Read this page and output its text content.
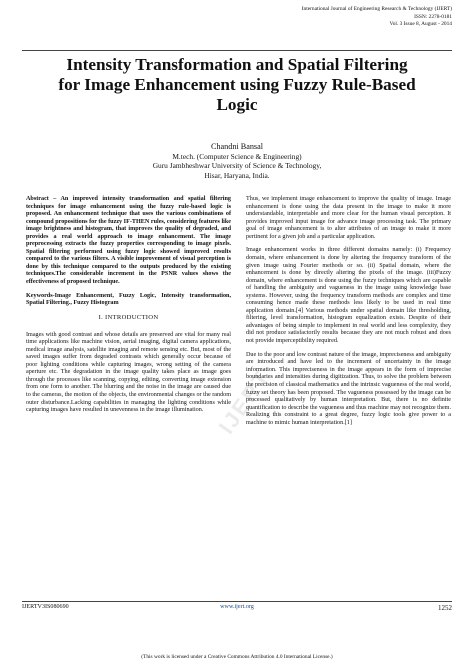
International Journal of Engineering Research & Technology (IJERT)
ISSN: 2278-0181
Vol. 3 Issue 8, August - 2014
Intensity Transformation and Spatial Filtering
for Image Enhancement using Fuzzy Rule-Based
Logic
Chandni Bansal
M.tech. (Computer Science & Engineering)
Guru Jambheshwar University of Science & Technology,
Hisar, Haryana, India.

Abstract – An improved intensity transformation and spatial filtering techniques for image enhancement using the fuzzy rule-based logic is proposed. An enhancement technique that uses the various combinations of compound propositions for the fuzzy IF-THEN rules, considering features like image brightness and histogram, that improves the quality of degraded, and provides a real world approach to image enhancement. The image preprocessing extracts the fuzzy properties corresponding to image pixels. Spatial filtering performed using fuzzy logic showed improved results compared to the various filters. A visible improvement of visual perception is done by this technique compared to the outputs produced by the existing techniques.The considerable increment in the PSNR values shows the effectiveness of proposed technique.

Keywords-Image Enhancement, Fuzzy Logic, Intensity transformation, Spatial Filtering., Fuzzy Histogram

I. INTRODUCTION

Images with good contrast and whose details are preserved are vital for many real time applications like machine vision, aerial imaging, digital camera applications, medical image analysis, satellite imaging and remote sensing etc. But, most of the saved images suffer from degraded contrasts which generally occur because of poor lighting conditions while capturing images, wrong setting of the camera aperture etc. The degradation in the image quality takes place as image goes through the processes like scanning, copying, editing, converting image extension from one form to another. The blurring and the noise in the image are caused due to the cameras, the motion of the objects, the environmental changes or the random outer disturbance.Lacking capabilities in managing the lighting conditions while capturing images have resulted in unevenness in the image illumination.

Thus, we implement image enhancement to improve the quality of image. Image enhancement is done using the data present in the image to make it more understandable, interpretable and more clear for the human visual perception. It provides improved input image for advance image processing task. The primary goal of image enhancement is to alter attributes of an image to make it more pertinent for a given job and a particular application.

Image enhancement works in three different domains namely: (i) Frequency domain, where enhancement is done by altering the frequency transform of the given image using Fourier methods or so. (ii) Spatial domain, where the enhancement is done by directly altering the pixels of the image. (iii)Fuzzy domain, where enhancement is done using the fuzzy techniques which are capable of handling the ambiguity and vagueness in the image using knowledge base systems. However, using the frequency transform methods are complex and time consuming hence made these methods less likely to be used in real time application domain.[4] Various methods under spatial domain like thresholding, filtering, level transformation, histogram equalization exists. Despite of their advantages of being simple to implement in real world and less complexity, they did not produce satisfactorily results because they are not much robust and does not provide imperceptibility required.

Due to the poor and low contrast nature of the image, impreciseness and ambiguity are introduced and have led to the increment of uncertainty in the image information. This impreciseness in the image appears in the form of imprecise boundaries and intensities during digitization. Thus, to solve the problem between the precision of classical mathematics and the intrinsic vagueness of the real world, fuzzy set theory has been proposed. The vagueness possessed by the image can be processed qualitatively by human interpretation. But, there is no definite quantification to describe the vagueness and thus machine may not recognize them. Realizing this constraint to a great degree, fuzzy logic tools give power to a machine to mimic human interpretation.[1]

IJERT
IJERTV3IS080690	www.ijert.org	1252
(This work is licensed under a Creative Commons Attribution 4.0 International License.)
